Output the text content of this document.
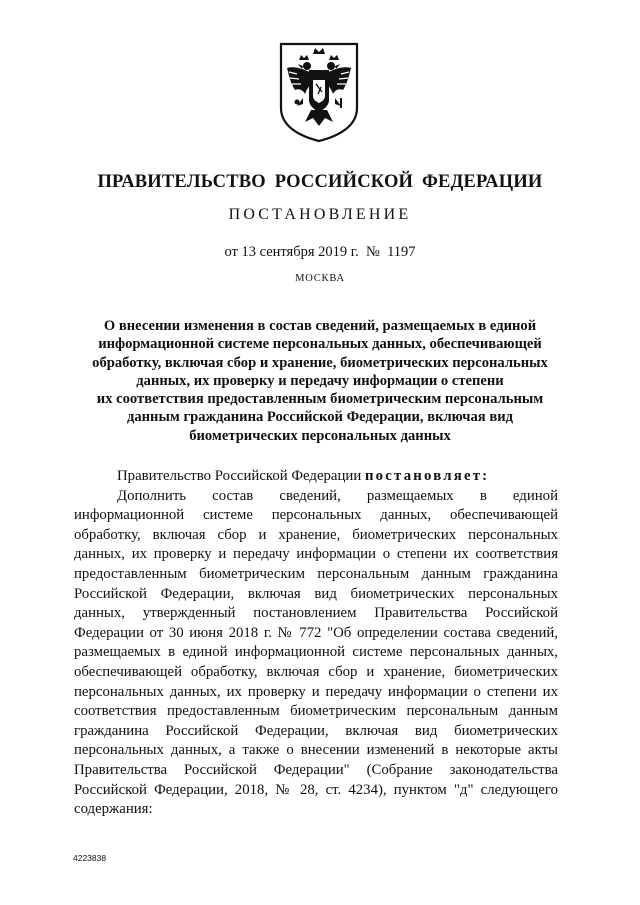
ПРАВИТЕЛЬСТВО РОССИЙСКОЙ ФЕДЕРАЦИИ
ПОСТАНОВЛЕНИЕ
от 13 сентября 2019 г. № 1197
МОСКВА
О внесении изменения в состав сведений, размещаемых в единой
информационной системе персональных данных, обеспечивающей
обработку, включая сбор и хранение, биометрических персональных
данных, их проверку и передачу информации о степени
их соответствия предоставленным биометрическим персональным
данным гражданина Российской Федерации, включая вид
биометрических персональных данных
Правительство Российской Федерации постановляет:
Дополнить состав сведений, размещаемых в единой
информационной системе персональных данных, обеспечивающей
обработку, включая сбор и хранение, биометрических персональных
данных, их проверку и передачу информации о степени их соответствия
предоставленным биометрическим персональным данным гражданина
Российской Федерации, включая вид биометрических персональных
данных, утвержденный постановлением Правительства Российской
Федерации от 30 июня 2018 г. № 772 "Об определении состава сведений,
размещаемых в единой информационной системе персональных данных,
обеспечивающей обработку, включая сбор и хранение, биометрических
персональных данных, их проверку и передачу информации о степени их
соответствия предоставленным биометрическим персональным данным
гражданина Российской Федерации, включая вид биометрических
персональных данных, а также о внесении изменений в некоторые акты
Правительства Российской Федерации" (Собрание законодательства
Российской Федерации, 2018, № 28, ст. 4234), пунктом "д" следующего
содержания:
4223838
